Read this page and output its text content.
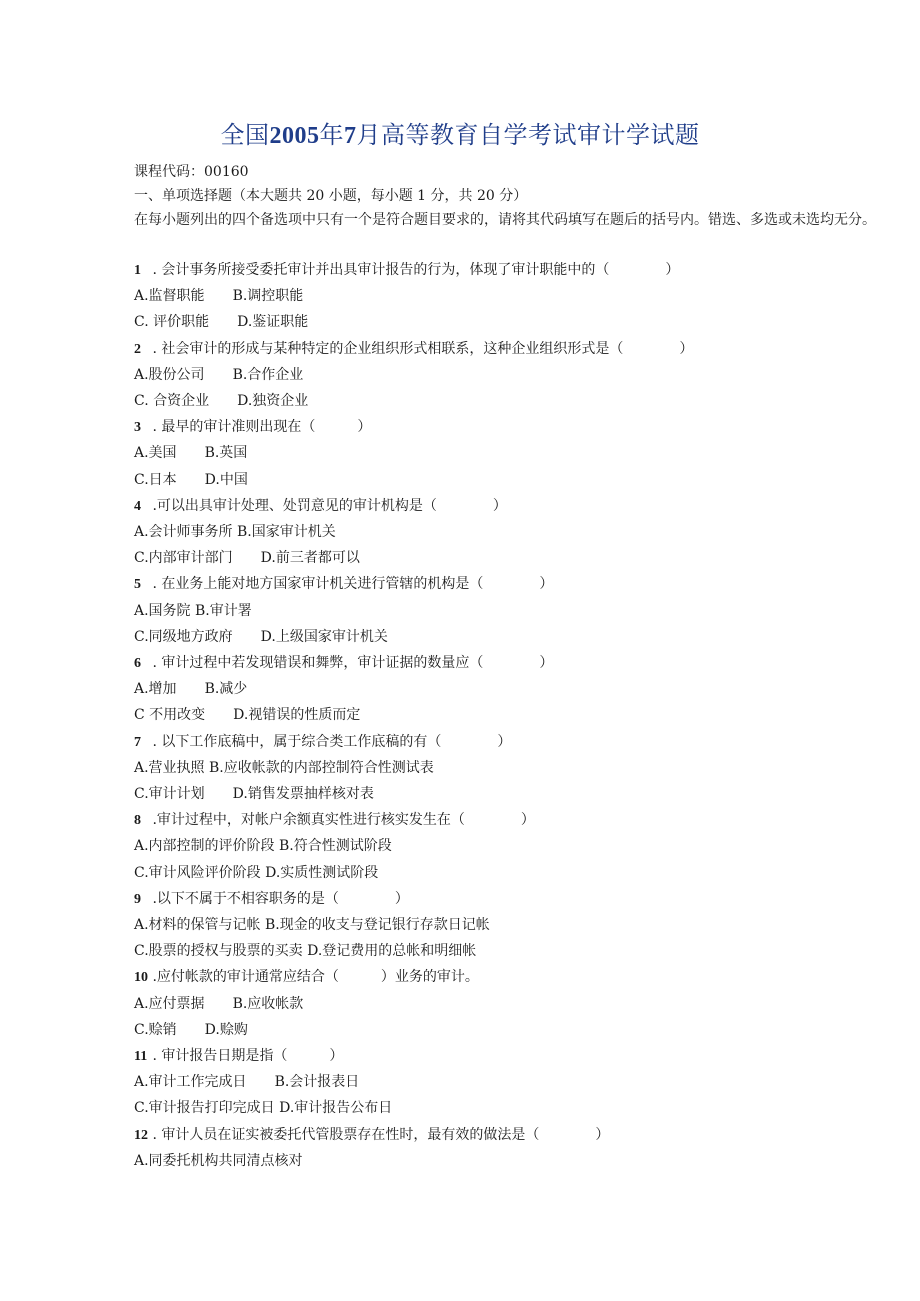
全国2005年7月高等教育自学考试审计学试题
课程代码：00160
一、单项选择题（本大题共 20 小题，每小题 1 分，共 20 分）
在每小题列出的四个备选项中只有一个是符合题目要求的，请将其代码填写在题后的括号内。错选、多选或未选均无分。
1 . 会计事务所接受委托审计并出具审计报告的行为，体现了审计职能中的（　　　　）
A.监督职能 B.调控职能
C. 评价职能 D.鉴证职能
2 . 社会审计的形成与某种特定的企业组织形式相联系，这种企业组织形式是（　　　　）
A.股份公司 B.合作企业
C. 合资企业 D.独资企业
3 . 最早的审计准则出现在（　　　）
A.美国 B.英国
C.日本 D.中国
4 .可以出具审计处理、处罚意见的审计机构是（　　　　）
A.会计师事务所 B.国家审计机关
C.内部审计部门 D.前三者都可以
5 . 在业务上能对地方国家审计机关进行管辖的机构是（　　　　）
A.国务院 B.审计署
C.同级地方政府 D.上级国家审计机关
6 . 审计过程中若发现错误和舞弊，审计证据的数量应（　　　　）
A.增加 B.减少
C 不用改变 D.视错误的性质而定
7 . 以下工作底稿中，属于综合类工作底稿的有（　　　　）
A.营业执照 B.应收帐款的内部控制符合性测试表
C.审计计划 D.销售发票抽样核对表
8 .审计过程中，对帐户余额真实性进行核实发生在（　　　　）
A.内部控制的评价阶段 B.符合性测试阶段
C.审计风险评价阶段 D.实质性测试阶段
9 .以下不属于不相容职务的是（　　　　）
A.材料的保管与记帐 B.现金的收支与登记银行存款日记帐
C.股票的授权与股票的买卖 D.登记费用的总帐和明细帐
10 .应付帐款的审计通常应结合（　　　）业务的审计。
A.应付票据 B.应收帐款
C.赊销 D.赊购
11 . 审计报告日期是指（　　　）
A.审计工作完成日 B.会计报表日
C.审计报告打印完成日 D.审计报告公布日
12 . 审计人员在证实被委托代管股票存在性时，最有效的做法是（　　　　）
A.同委托机构共同清点核对
